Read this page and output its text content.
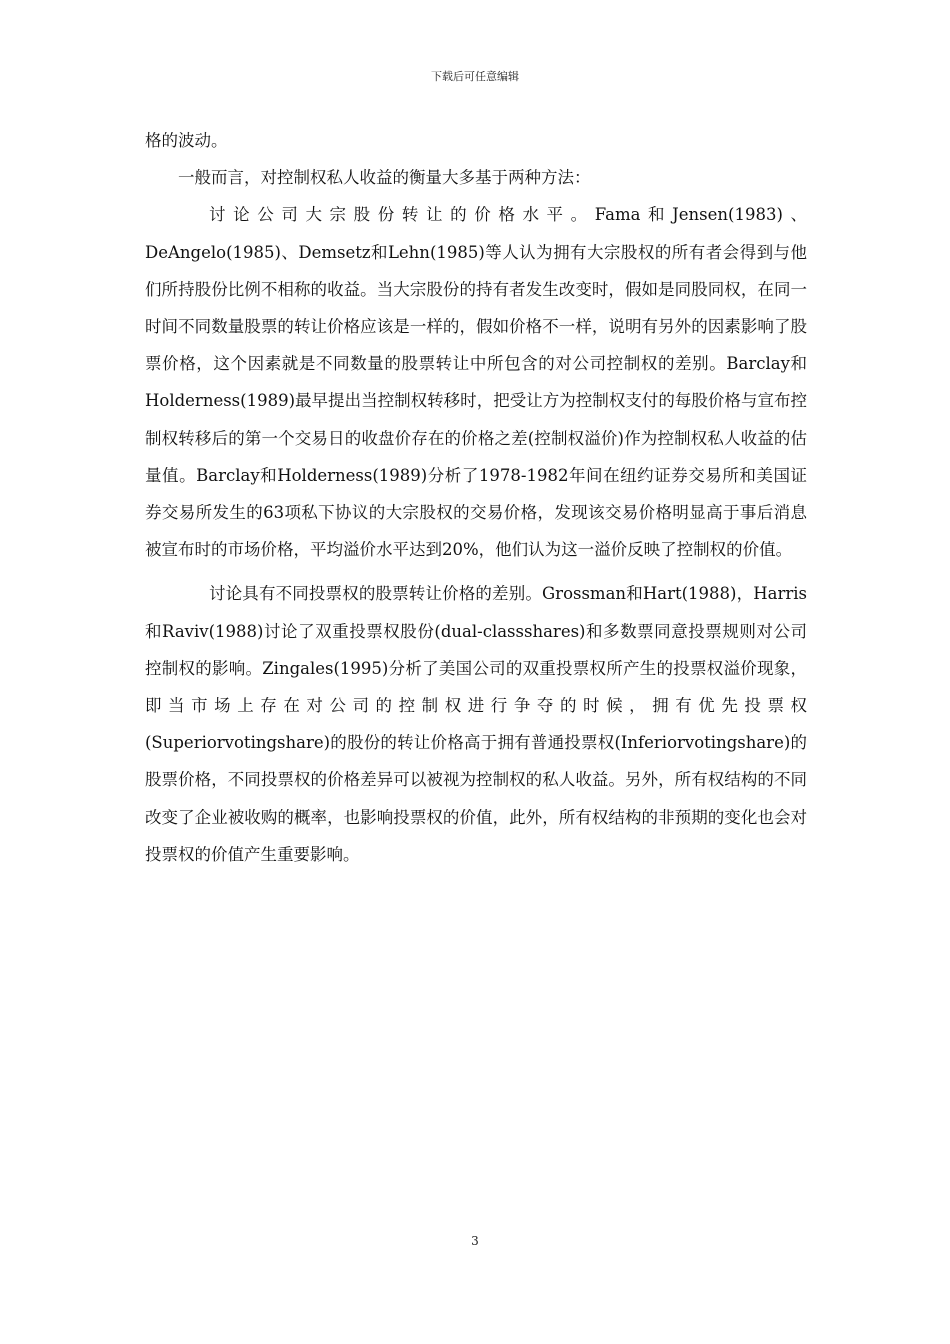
下载后可任意编辑

格的波动。

一般而言，对控制权私人收益的衡量大多基于两种方法：

讨论公司大宗股份转让的价格水平。Fama和Jensen(1983)、DeAngelo(1985)、Demsetz和Lehn(1985)等人认为拥有大宗股权的所有者会得到与他们所持股份比例不相称的收益。当大宗股份的持有者发生改变时，假如是同股同权，在同一时间不同数量股票的转让价格应该是一样的，假如价格不一样，说明有另外的因素影响了股票价格，这个因素就是不同数量的股票转让中所包含的对公司控制权的差别。Barclay和Holderness(1989)最早提出当控制权转移时，把受让方为控制权支付的每股价格与宣布控制权转移后的第一个交易日的收盘价存在的价格之差(控制权溢价)作为控制权私人收益的估量值。Barclay和Holderness(1989)分析了1978-1982年间在纽约证券交易所和美国证券交易所发生的63项私下协议的大宗股权的交易价格，发现该交易价格明显高于事后消息被宣布时的市场价格，平均溢价水平达到20%，他们认为这一溢价反映了控制权的价值。

讨论具有不同投票权的股票转让价格的差别。Grossman和Hart(1988)，Harris和Raviv(1988)讨论了双重投票权股份(dual-classshares)和多数票同意投票规则对公司控制权的影响。Zingales(1995)分析了美国公司的双重投票权所产生的投票权溢价现象，即当市场上存在对公司的控制权进行争夺的时候，拥有优先投票权(Superiorvotingshare)的股份的转让价格高于拥有普通投票权(Inferiorvotingshare)的股票价格，不同投票权的价格差异可以被视为控制权的私人收益。另外，所有权结构的不同改变了企业被收购的概率，也影响投票权的价值，此外，所有权结构的非预期的变化也会对投票权的价值产生重要影响。

3
